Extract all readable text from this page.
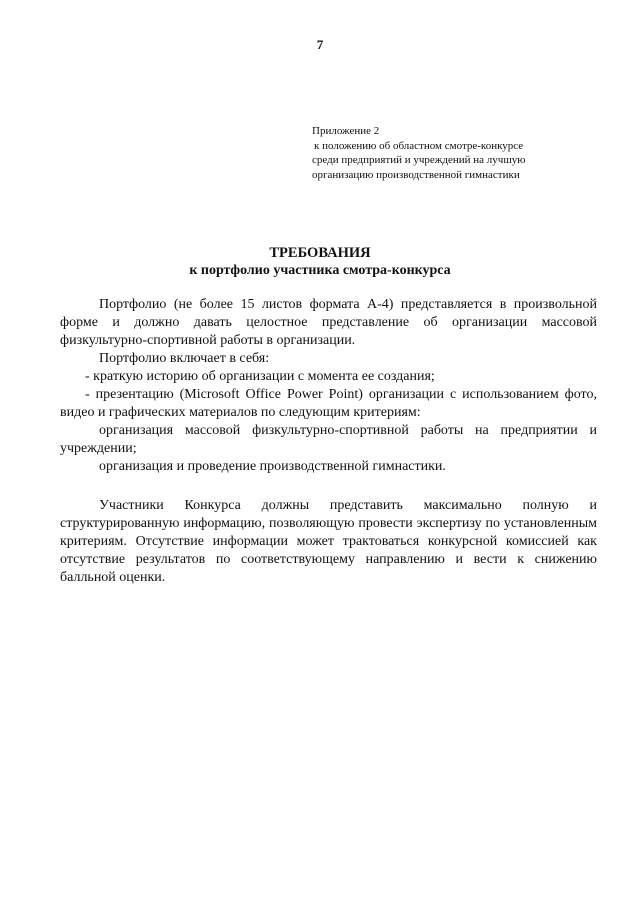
7
Приложение 2
к положению об областном смотре-конкурсе
среди предприятий и учреждений на лучшую
организацию производственной гимнастики
ТРЕБОВАНИЯ
к портфолио участника смотра-конкурса

Портфолио (не более 15 листов формата А-4) представляется в произвольной форме и должно давать целостное представление об организации массовой физкультурно-спортивной работы в организации.

Портфолио включает в себя:

- краткую историю об организации с момента ее создания;

- презентацию (Microsoft Office Power Point) организации с использованием фото, видео и графических материалов по следующим критериям:

организация массовой физкультурно-спортивной работы на предприятии и учреждении;

организация и проведение производственной гимнастики.

Участники Конкурса должны представить максимально полную и структурированную информацию, позволяющую провести экспертизу по установленным критериям. Отсутствие информации может трактоваться конкурсной комиссией как отсутствие результатов по соответствующему направлению и вести к снижению балльной оценки.
